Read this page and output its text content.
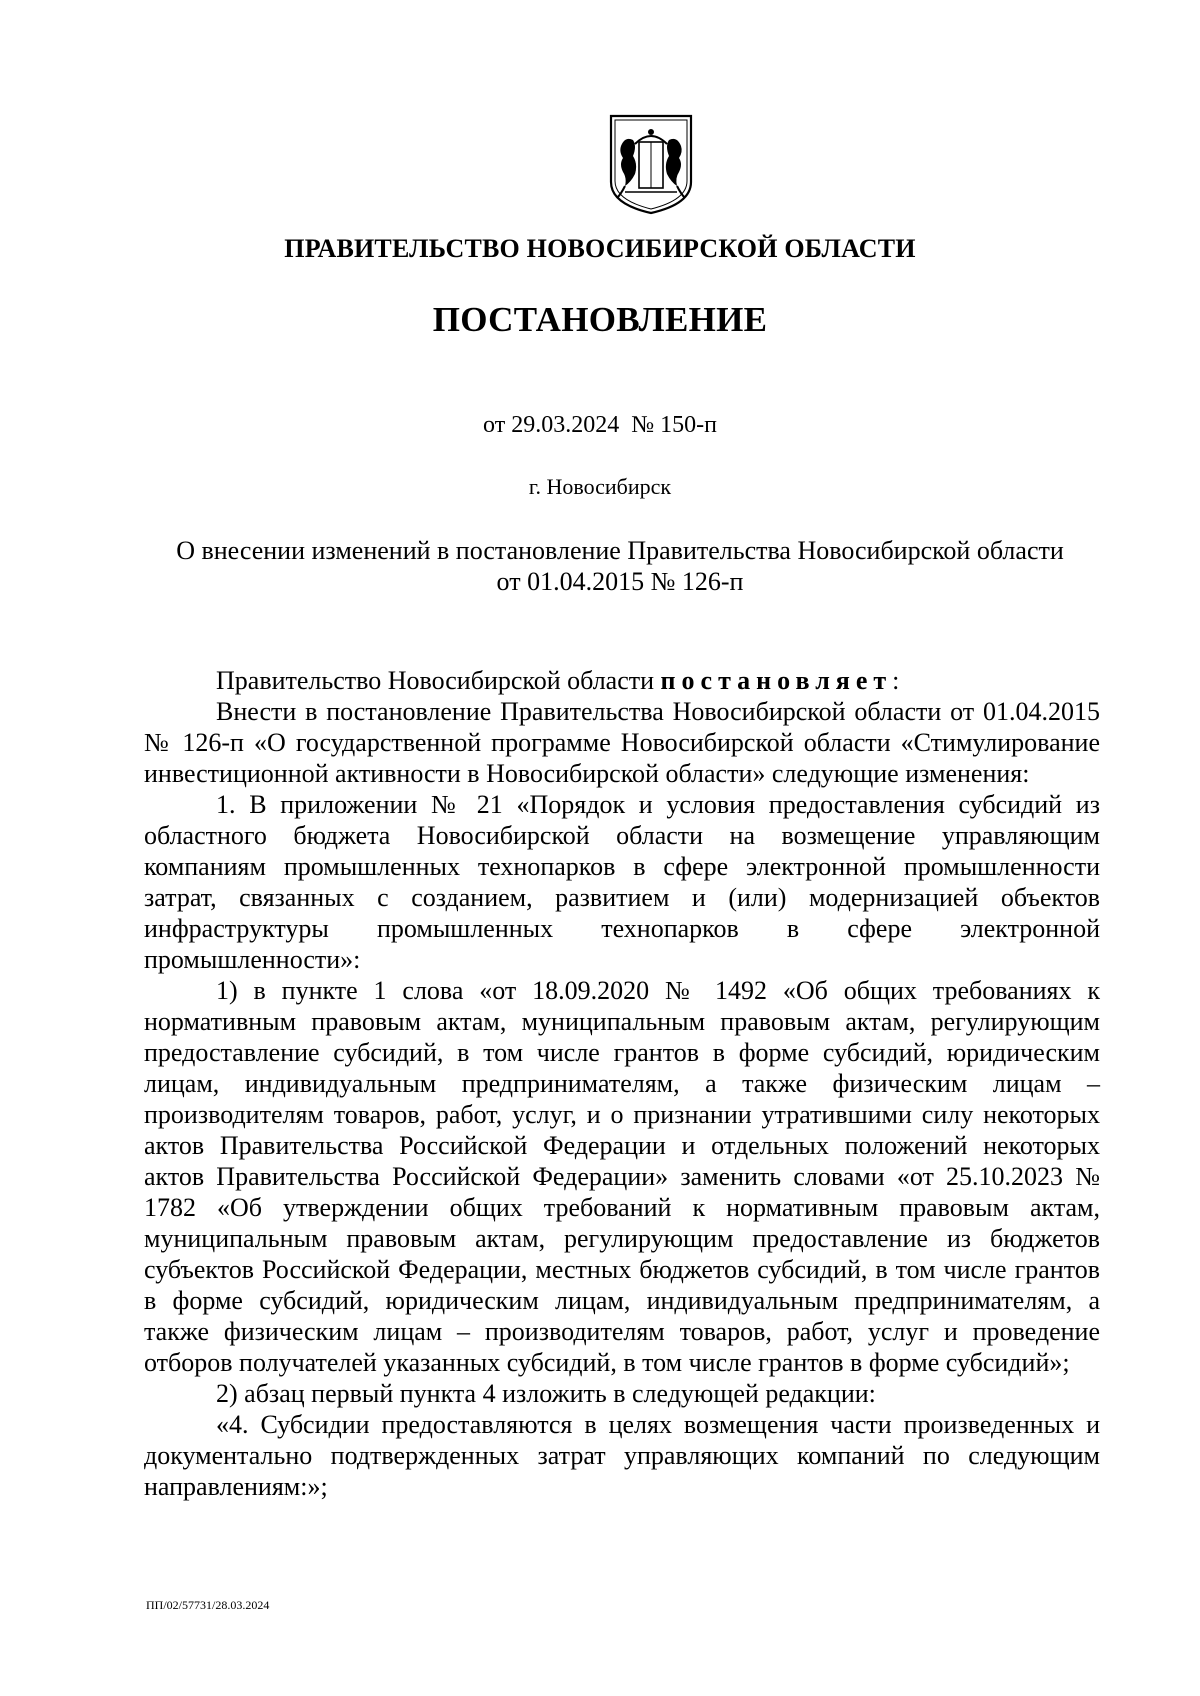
ПРАВИТЕЛЬСТВО НОВОСИБИРСКОЙ ОБЛАСТИ
ПОСТАНОВЛЕНИЕ
от 29.03.2024 № 150-п
г. Новосибирск
О внесении изменений в постановление Правительства Новосибирской области
от 01.04.2015 № 126-п

Правительство Новосибирской области постановляет:

Внести в постановление Правительства Новосибирской области от 01.04.2015 № 126-п «О государственной программе Новосибирской области «Стимулирование инвестиционной активности в Новосибирской области» следующие изменения:

1. В приложении № 21 «Порядок и условия предоставления субсидий из областного бюджета Новосибирской области на возмещение управляющим компаниям промышленных технопарков в сфере электронной промышленности затрат, связанных с созданием, развитием и (или) модернизацией объектов инфраструктуры промышленных технопарков в сфере электронной промышленности»:

1) в пункте 1 слова «от 18.09.2020 № 1492 «Об общих требованиях к нормативным правовым актам, муниципальным правовым актам, регулирующим предоставление субсидий, в том числе грантов в форме субсидий, юридическим лицам, индивидуальным предпринимателям, а также физическим лицам – производителям товаров, работ, услуг, и о признании утратившими силу некоторых актов Правительства Российской Федерации и отдельных положений некоторых актов Правительства Российской Федерации» заменить словами «от 25.10.2023 № 1782 «Об утверждении общих требований к нормативным правовым актам, муниципальным правовым актам, регулирующим предоставление из бюджетов субъектов Российской Федерации, местных бюджетов субсидий, в том числе грантов в форме субсидий, юридическим лицам, индивидуальным предпринимателям, а также физическим лицам – производителям товаров, работ, услуг и проведение отборов получателей указанных субсидий, в том числе грантов в форме субсидий»;

2) абзац первый пункта 4 изложить в следующей редакции:

«4. Субсидии предоставляются в целях возмещения части произведенных и документально подтвержденных затрат управляющих компаний по следующим направлениям:»;

ПП/02/57731/28.03.2024
